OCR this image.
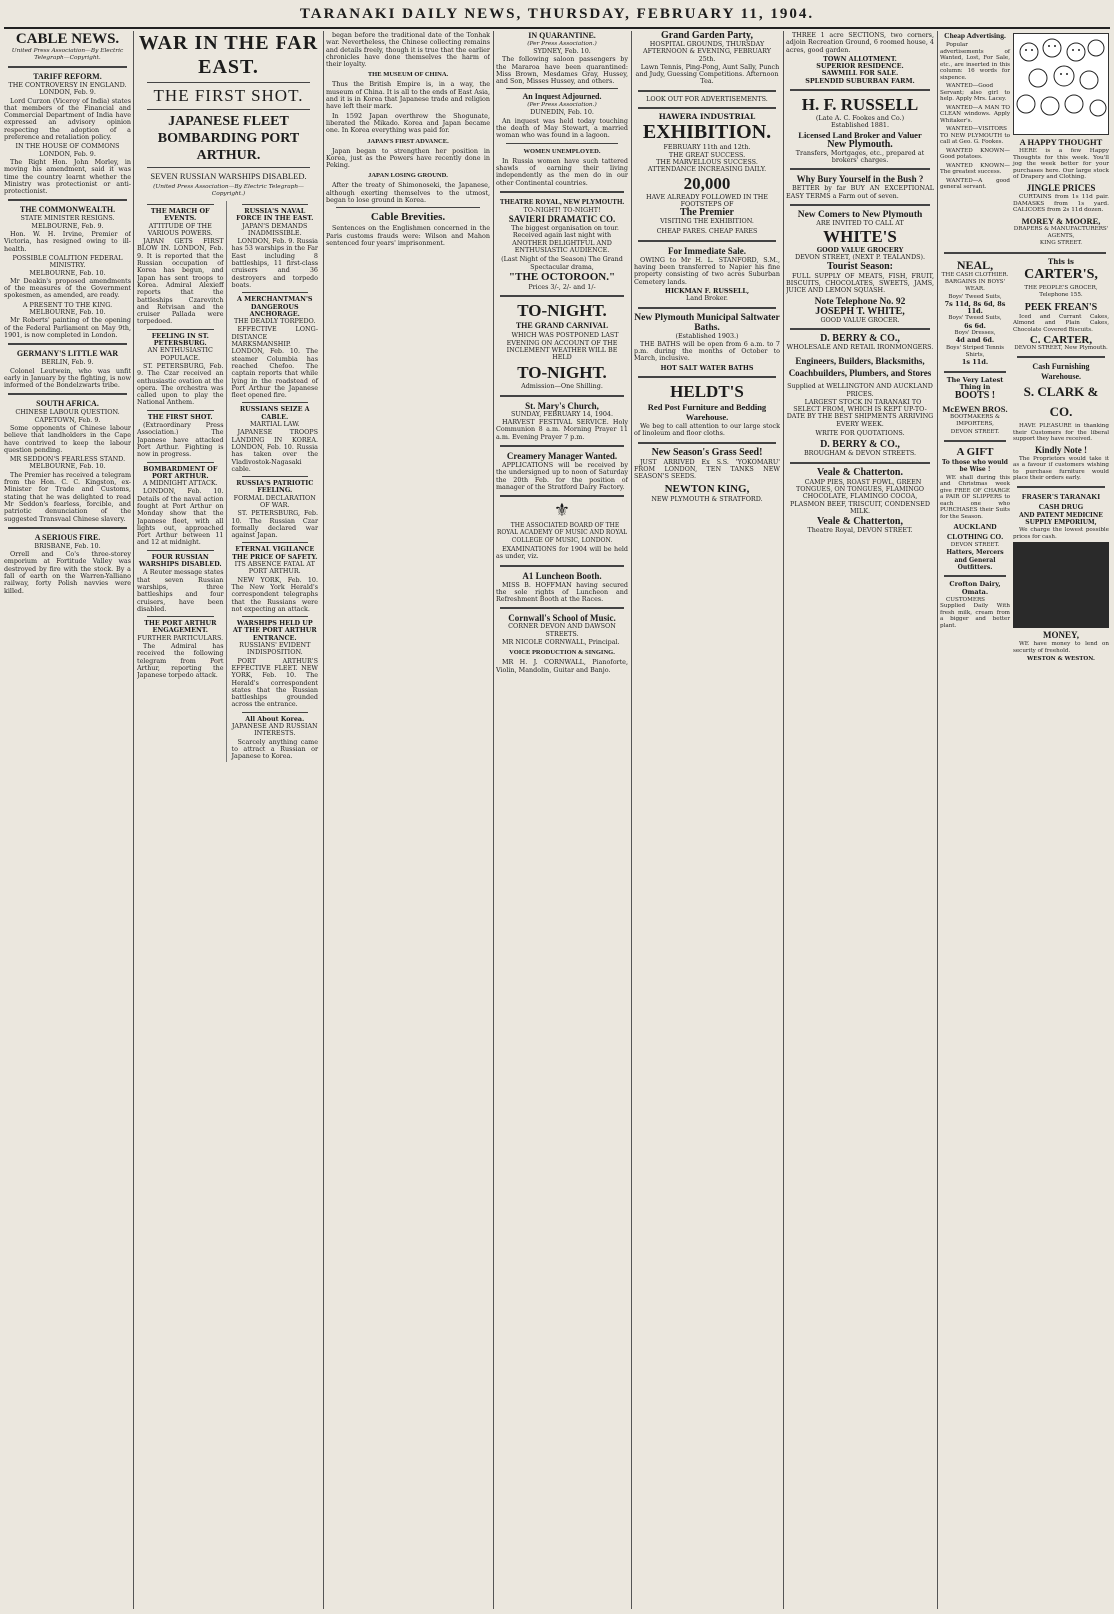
TARANAKI DAILY NEWS, THURSDAY, FEBRUARY 11, 1904.
CABLE NEWS.
United Press Association—By Electric Telegraph—Copyright.
TARIFF REFORM.
THE CONTROVERSY IN ENGLAND.
LONDON, Feb. 9.

Lord Curzon (Viceroy of India) states that members of the Financial and Commercial Department of India have expressed an advisory opinion respecting the adoption of a preference and retaliation policy.

IN THE HOUSE OF COMMONS
LONDON, Feb. 9.

The Right Hon. John Morley, in moving his amendment, said it was time the country learnt whether the Ministry was protectionist or anti-protectionist.

THE COMMONWEALTH.
STATE MINISTER RESIGNS.
MELBOURNE, Feb. 9.

Hon. W. H. Irvine, Premier of Victoria, has resigned owing to ill-health.

POSSIBLE COALITION FEDERAL MINISTRY.
MELBOURNE, Feb. 10.

Mr Deakin's proposed amendments of the measures of the Government spokesmen, as amended, are ready.

A PRESENT TO THE KING.
MELBOURNE, Feb. 10.

Mr Roberts' painting of the opening of the Federal Parliament on May 9th, 1901, is now completed in London.

GERMANY'S LITTLE WAR
BERLIN, Feb. 9.

Colonel Leutwein, who was unfit early in January by the fighting, is now informed of the Bondelzwarts tribe.

SOUTH AFRICA.
CHINESE LABOUR QUESTION.
CAPETOWN, Feb. 9.

Some opponents of Chinese labour believe that landholders in the Cape have contrived to keep the labour question pending.

MR SEDDON'S FEARLESS STAND.
MELBOURNE, Feb. 10.

The Premier has received a telegram from the Hon. C. C. Kingston, ex-Minister for Trade and Customs, stating that he was delighted to read Mr Seddon's fearless, forcible, and patriotic denunciation of the suggested Transvaal Chinese slavery.

A SERIOUS FIRE.
BRISBANE, Feb. 10.

Orrell and Co's three-storey emporium at Fortitude Valley was destroyed by fire with the stock. By a fall of earth on the Warren-Yalliano railway, forty Polish navvies were killed.

WAR IN THE FAR EAST.
THE FIRST SHOT.
JAPANESE FLEET BOMBARDING PORT ARTHUR.
SEVEN RUSSIAN WARSHIPS DISABLED.
(United Press Association—By Electric Telegraph—Copyright.)
THE MARCH OF EVENTS.
ATTITUDE OF THE VARIOUS POWERS.

JAPAN GETS FIRST BLOW IN. LONDON, Feb. 9. It is reported that the Russian occupation of Korea has begun, and Japan has sent troops to Korea. Admiral Alexieff reports that the battleships Czarevitch and Retvisan and the cruiser Pallada were torpedoed.

FEELING IN ST. PETERSBURG.
AN ENTHUSIASTIC POPULACE.

ST. PETERSBURG, Feb. 9. The Czar received an enthusiastic ovation at the opera. The orchestra was called upon to play the National Anthem.

THE FIRST SHOT.

(Extraordinary Press Association.) The Japanese have attacked Port Arthur. Fighting is now in progress.

BOMBARDMENT OF PORT ARTHUR.
A MIDNIGHT ATTACK.

LONDON, Feb. 10. Details of the naval action fought at Port Arthur on Monday show that the Japanese fleet, with all lights out, approached Port Arthur between 11 and 12 at midnight.

FOUR RUSSIAN WARSHIPS DISABLED.

A Reuter message states that seven Russian warships, three battleships and four cruisers, have been disabled.

THE PORT ARTHUR ENGAGEMENT.
FURTHER PARTICULARS.

The Admiral has received the following telegram from Port Arthur, reporting the Japanese torpedo attack.

RUSSIA'S NAVAL FORCE IN THE EAST.
JAPAN'S DEMANDS INADMISSIBLE.

LONDON, Feb. 9. Russia has 53 warships in the Far East including 8 battleships, 11 first-class cruisers and 36 destroyers and torpedo boats.

A MERCHANTMAN'S DANGEROUS ANCHORAGE.
THE DEADLY TORPEDO.

EFFECTIVE LONG-DISTANCE MARKSMANSHIP. LONDON, Feb. 10. The steamer Columbia has reached Chefoo. The captain reports that while lying in the roadstead of Port Arthur the Japanese fleet opened fire.

RUSSIANS SEIZE A CABLE.
MARTIAL LAW.

JAPANESE TROOPS LANDING IN KOREA. LONDON, Feb. 10. Russia has taken over the Vladivostok-Nagasaki cable.

RUSSIA'S PATRIOTIC FEELING.
FORMAL DECLARATION OF WAR.

ST. PETERSBURG, Feb. 10. The Russian Czar formally declared war against Japan.

ETERNAL VIGILANCE THE PRICE OF SAFETY.
ITS ABSENCE FATAL AT PORT ARTHUR.

NEW YORK, Feb. 10. The New York Herald's correspondent telegraphs that the Russians were not expecting an attack.

WARSHIPS HELD UP AT THE PORT ARTHUR ENTRANCE.
RUSSIANS' EVIDENT INDISPOSITION.

PORT ARTHUR'S EFFECTIVE FLEET. NEW YORK, Feb. 10. The Herald's correspondent states that the Russian battleships grounded across the entrance.

All About Korea.
JAPANESE AND RUSSIAN INTERESTS.

Scarcely anything came to attract a Russian or Japanese to Korea.

began before the traditional date of the Tonhak war. Nevertheless, the Chinese collecting remains and details freely, though it is true that the earlier chronicles have done themselves the harm of their loyalty.

THE MUSEUM OF CHINA.

Thus the British Empire is, in a way, the museum of China. It is all to the ends of East Asia, and it is in Korea that Japanese trade and religion have left their mark.

In 1592 Japan overthrew the Shogunate, liberated the Mikado. Korea and Japan became one. In Korea everything was paid for.

JAPAN'S FIRST ADVANCE.

Japan began to strengthen her position in Korea, just as the Powers have recently done in Peking.

JAPAN LOSING GROUND.

After the treaty of Shimonoseki, the Japanese, although exerting themselves to the utmost, began to lose ground in Korea.

Cable Brevities.

Sentences on the Englishmen concerned in the Paris customs frauds were: Wilson and Mahon sentenced four years' imprisonment.

IN QUARANTINE.
(Per Press Association.)
SYDNEY, Feb. 10.

The following saloon passengers by the Mararoa have been quarantined: Miss Brown, Mesdames Gray, Hussey, and Son, Misses Hussey, and others.

An Inquest Adjourned.
(Per Press Association.)
DUNEDIN, Feb. 10.

An inquest was held today touching the death of May Stewart, a married woman who was found in a lagoon.

WOMEN UNEMPLOYED.

In Russia women have such tattered shawls of earning their living independently as the men do in our other Continental countries.

THEATRE ROYAL, NEW PLYMOUTH.
TO-NIGHT! TO-NIGHT!
SAVIERI DRAMATIC CO.

The biggest organisation on tour. Received again last night with ANOTHER DELIGHTFUL AND ENTHUSIASTIC AUDIENCE.

(Last Night of the Season) The Grand Spectacular drama,
"THE OCTOROON."
Prices 3/-, 2/- and 1/-
TO-NIGHT.
THE GRAND CARNIVAL

WHICH WAS POSTPONED LAST EVENING ON ACCOUNT OF THE INCLEMENT WEATHER WILL BE HELD

TO-NIGHT.
Admission—One Shilling.
St. Mary's Church,
SUNDAY, FEBRUARY 14, 1904.

HARVEST FESTIVAL SERVICE. Holy Communion 8 a.m. Morning Prayer 11 a.m. Evening Prayer 7 p.m.

Creamery Manager Wanted.

APPLICATIONS will be received by the undersigned up to noon of Saturday the 20th Feb. for the position of manager of the Stratford Dairy Factory.

⚜

THE ASSOCIATED BOARD OF THE ROYAL ACADEMY OF MUSIC AND ROYAL COLLEGE OF MUSIC, LONDON.

EXAMINATIONS for 1904 will be held as under, viz.

A1 Luncheon Booth.

MISS B. HOFFMAN having secured the sole rights of Luncheon and Refreshment Booth at the Races.

Cornwall's School of Music.
CORNER DEVON AND DAWSON STREETS.

MR NICOLE CORNWALL, Principal.

VOICE PRODUCTION & SINGING.

MR H. J. CORNWALL, Pianoforte, Violin, Mandolin, Guitar and Banjo.

Grand Garden Party,
HOSPITAL GROUNDS, THURSDAY AFTERNOON & EVENING, FEBRUARY 25th.

Lawn Tennis, Ping-Pong, Aunt Sally, Punch and Judy, Guessing Competitions. Afternoon Tea.

LOOK OUT FOR ADVERTISEMENTS.
HAWERA INDUSTRIAL
EXHIBITION.
FEBRUARY 11th and 12th.
THE GREAT SUCCESS.
THE MARVELLOUS SUCCESS.
ATTENDANCE INCREASING DAILY.
20,000
HAVE ALREADY FOLLOWED IN THE FOOTSTEPS OF
The Premier
VISITING THE EXHIBITION.
CHEAP FARES. CHEAP FARES
For Immediate Sale.

OWING to Mr H. L. STANFORD, S.M., having been transferred to Napier his fine property consisting of two acres Suburban Cemetery lands.

HICKMAN F. RUSSELL,
Land Broker.
New Plymouth Municipal Saltwater Baths.
(Established 1903.)

THE BATHS will be open from 6 a.m. to 7 p.m. during the months of October to March, inclusive.

HOT SALT WATER BATHS
HELDT'S
Red Post Furniture and Bedding Warehouse.

We beg to call attention to our large stock of linoleum and floor cloths.

New Season's Grass Seed!

JUST ARRIVED Ex S.S. 'YOKOMARU' FROM LONDON, TEN TANKS NEW SEASON'S SEEDS.

NEWTON KING,
NEW PLYMOUTH & STRATFORD.

THREE 1 acre SECTIONS, two corners, adjoin Recreation Ground, 6 roomed house, 4 acres, good garden.

TOWN ALLOTMENT.
SUPERIOR RESIDENCE.
SAWMILL FOR SALE.
SPLENDID SUBURBAN FARM.
H. F. RUSSELL
(Late A. C. Fookes and Co.)
Established 1881.
Licensed Land Broker and Valuer
New Plymouth.
Transfers, Mortgages, etc., prepared at brokers' charges.
Why Bury Yourself in the Bush ?

BETTER by far BUY AN EXCEPTIONAL EASY TERMS a Farm out of seven.

New Comers to New Plymouth
ARE INVITED TO CALL AT
WHITE'S
GOOD VALUE GROCERY
DEVON STREET, (NEXT P. TEALANDS).
Tourist Season:

FULL SUPPLY OF MEATS, FISH, FRUIT, BISCUITS, CHOCOLATES, SWEETS, JAMS, JUICE AND LEMON SQUASH.

Note Telephone No. 92
JOSEPH T. WHITE,
GOOD VALUE GROCER.
D. BERRY & CO.,
WHOLESALE AND RETAIL IRONMONGERS.
Engineers, Builders, Blacksmiths, Coachbuilders, Plumbers, and Stores
Supplied at WELLINGTON AND AUCKLAND PRICES.

LARGEST STOCK IN TARANAKI TO SELECT FROM, WHICH IS KEPT UP-TO-DATE BY THE BEST SHIPMENTS ARRIVING EVERY WEEK.

WRITE FOR QUOTATIONS.
D. BERRY & CO.,
BROUGHAM & DEVON STREETS.
Veale & Chatterton.

CAMP PIES, ROAST FOWL, GREEN TONGUES, ON TONGUES, FLAMINGO CHOCOLATE, FLAMINGO COCOA, PLASMON BEEF, TRISCUIT, CONDENSED MILK.

Veale & Chatterton,
Theatre Royal, DEVON STREET.
Cheap Advertising.

Popular advertisements of Wanted, Lost, For Sale, etc., are inserted in this column: 16 words for sixpence.

WANTED—Good Servant; also girl to help. Apply Mrs. Lacey.

WANTED—A MAN TO CLEAN windows. Apply Whitaker's.

WANTED—VISITORS TO NEW PLYMOUTH to call at Geo. G. Fookes.

WANTED KNOWN—Good potatoes.

WANTED KNOWN—The greatest success.

WANTED—A good general servant.

A HAPPY THOUGHT

HERE is a few Happy Thoughts for this week. You'll jog the week better for your purchases here. Our large stock of Drapery and Clothing.

JINGLE PRICES

CURTAINS from 1s 11d pair. DAMASKS from 1s yard. CALICOES from 2s 11d dozen.

MOREY & MOORE,
DRAPERS & MANUFACTURERS' AGENTS,
KING STREET.
NEAL,
THE CASH CLOTHIER.
BARGAINS IN BOYS' WEAR.
Boys' Tweed Suits,
7s 11d, 8s 6d, 8s 11d.
Boys' Tweed Suits,
6s 6d.
Boys' Dresses,
4d and 6d.
Boys' Striped Tennis Shirts,
1s 11d.
The Very Latest Thing in
BOOTS !
McEWEN BROS.
BOOTMAKERS & IMPORTERS,
DEVON STREET.
A GIFT
To those who would be Wise !

WE shall during this and Christmas week give FREE OF CHARGE a PAIR OF SLIPPERS to each one who PURCHASES their Suits for the Season.

AUCKLAND CLOTHING CO.
DEVON STREET.
Hatters, Mercers and General Outfitters.
Crofton Dairy, Omata.

CUSTOMERS Supplied Daily With fresh milk, cream from a bigger and better plant.

This is
CARTER'S,
THE PEOPLE'S GROCER,
Telephone 155.
PEEK FREAN'S

Iced and Currant Cakes, Almond and Plain Cakes, Chocolate Covered Biscuits.

C. CARTER,
DEVON STREET, New Plymouth.
Cash Furnishing Warehouse.
S. CLARK & CO.

HAVE PLEASURE in thanking their Customers for the liberal support they have received.

Kindly Note !

The Proprietors would take it as a favour if customers wishing to purchase furniture would place their orders early.

FRASER'S TARANAKI CASH DRUG
AND PATENT MEDICINE SUPPLY EMPORIUM,

We charge the lowest possible prices for cash.

MONEY,

WE have money to lend on security of freehold.

WESTON & WESTON.
